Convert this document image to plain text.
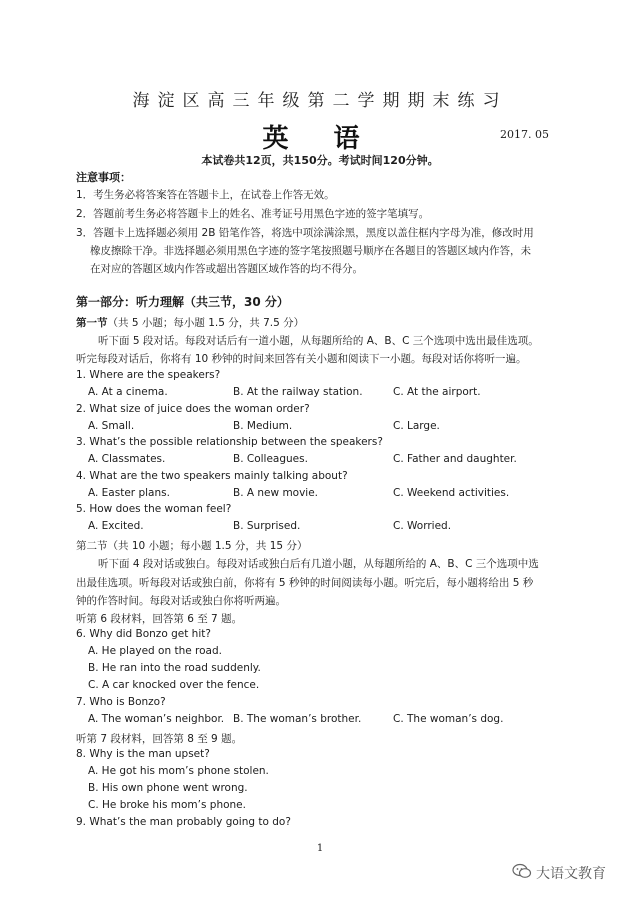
海淀区高三年级第二学期期末练习
英 语	2017. 05
本试卷共12页，共150分。考试时间120分钟。
注意事项：
1．考生务必将答案答在答题卡上，在试卷上作答无效。
2．答题前考生务必将答题卡上的姓名、准考证号用黑色字迹的签字笔填写。
3．答题卡上选择题必须用 2B 铅笔作答，将选中项涂满涂黑，黑度以盖住框内字母为准，修改时用
橡皮擦除干净。非选择题必须用黑色字迹的签字笔按照题号顺序在各题目的答题区域内作答，未
在对应的答题区域内作答或超出答题区域作答的均不得分。
第一部分：听力理解（共三节，30 分）
第一节（共 5 小题；每小题 1.5 分，共 7.5 分）
听下面 5 段对话。每段对话后有一道小题，从每题所给的 A、B、C 三个选项中选出最佳选项。
听完每段对话后，你将有 10 秒钟的时间来回答有关小题和阅读下一小题。每段对话你将听一遍。
1. Where are the speakers?
A. At a cinema.	B. At the railway station.	C. At the airport.
2. What size of juice does the woman order?
A. Small.	B. Medium.	C. Large.
3. What’s the possible relationship between the speakers?
A. Classmates.	B. Colleagues.	C. Father and daughter.
4. What are the two speakers mainly talking about?
A. Easter plans.	B. A new movie.	C. Weekend activities.
5. How does the woman feel?
A. Excited.	B. Surprised.	C. Worried.
第二节（共 10 小题；每小题 1.5 分，共 15 分）
听下面 4 段对话或独白。每段对话或独白后有几道小题，从每题所给的 A、B、C 三个选项中选
出最佳选项。听每段对话或独白前，你将有 5 秒钟的时间阅读每小题。听完后，每小题将给出 5 秒
钟的作答时间。每段对话或独白你将听两遍。
听第 6 段材料，回答第 6 至 7 题。
6. Why did Bonzo get hit?
A. He played on the road.
B. He ran into the road suddenly.
C. A car knocked over the fence.
7. Who is Bonzo?
A. The woman’s neighbor. B. The woman’s brother.	C. The woman’s dog.
听第 7 段材料，回答第 8 至 9 题。
8. Why is the man upset?
A. He got his mom’s phone stolen.
B. His own phone went wrong.
C. He broke his mom’s phone.
9. What’s the man probably going to do?
1
大语文教育
